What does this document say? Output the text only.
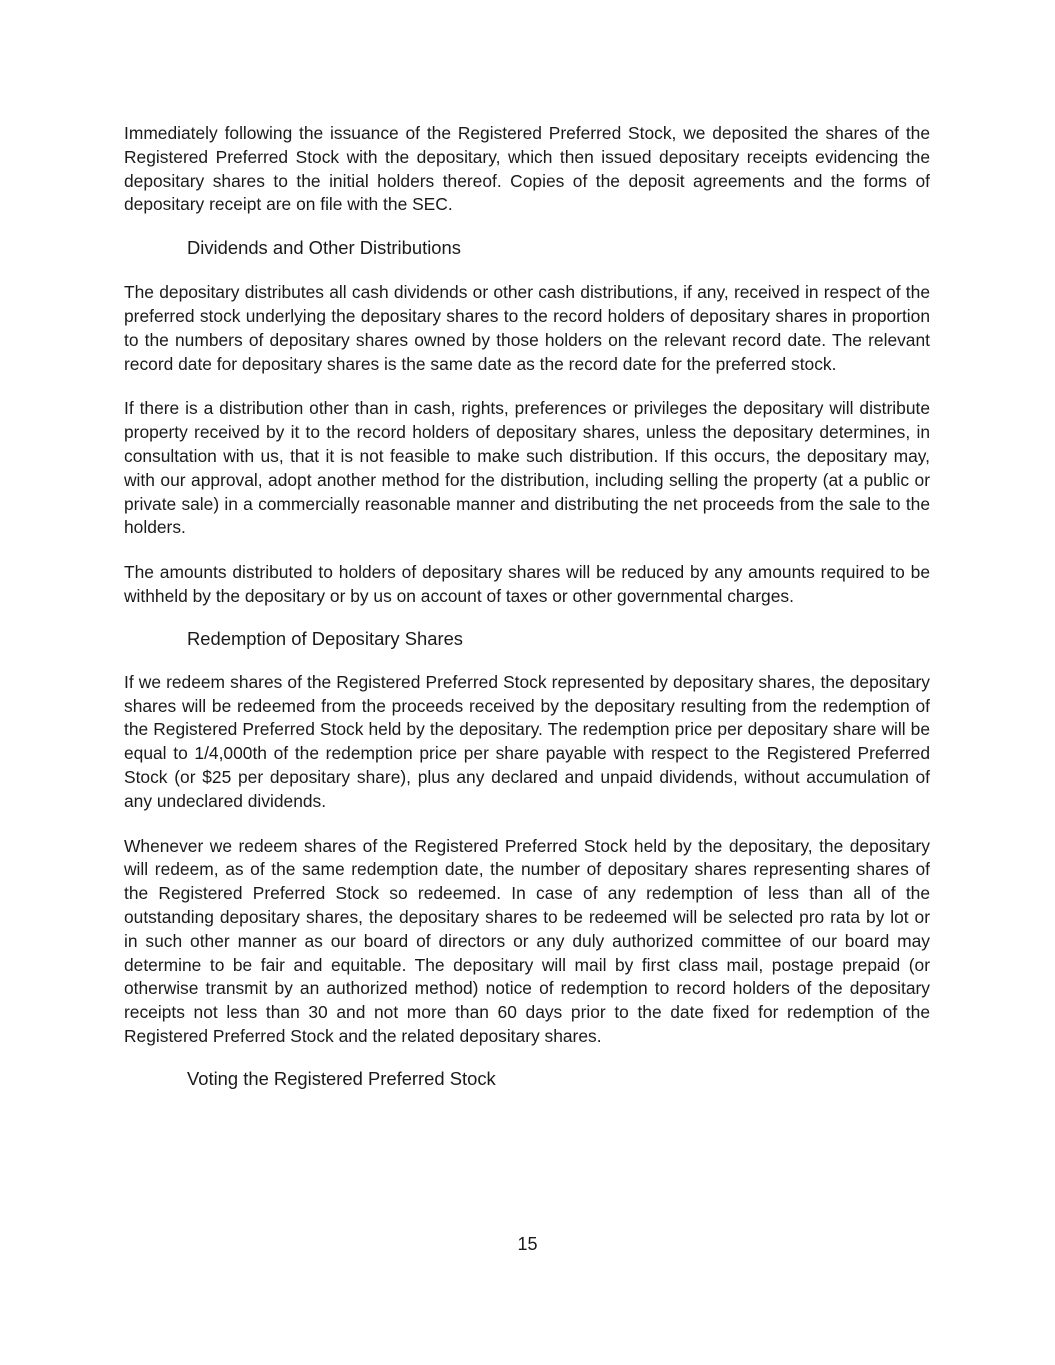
Immediately following the issuance of the Registered Preferred Stock, we deposited the shares of the Registered Preferred Stock with the depositary, which then issued depositary receipts evidencing the depositary shares to the initial holders thereof. Copies of the deposit agreements and the forms of depositary receipt are on file with the SEC.

Dividends and Other Distributions

The depositary distributes all cash dividends or other cash distributions, if any, received in respect of the preferred stock underlying the depositary shares to the record holders of depositary shares in proportion to the numbers of depositary shares owned by those holders on the relevant record date. The relevant record date for depositary shares is the same date as the record date for the preferred stock.

If there is a distribution other than in cash, rights, preferences or privileges the depositary will distribute property received by it to the record holders of depositary shares, unless the depositary determines, in consultation with us, that it is not feasible to make such distribution. If this occurs, the depositary may, with our approval, adopt another method for the distribution, including selling the property (at a public or private sale) in a commercially reasonable manner and distributing the net proceeds from the sale to the holders.

The amounts distributed to holders of depositary shares will be reduced by any amounts required to be withheld by the depositary or by us on account of taxes or other governmental charges.

Redemption of Depositary Shares

If we redeem shares of the Registered Preferred Stock represented by depositary shares, the depositary shares will be redeemed from the proceeds received by the depositary resulting from the redemption of the Registered Preferred Stock held by the depositary. The redemption price per depositary share will be equal to 1/4,000th of the redemption price per share payable with respect to the Registered Preferred Stock (or $25 per depositary share), plus any declared and unpaid dividends, without accumulation of any undeclared dividends.

Whenever we redeem shares of the Registered Preferred Stock held by the depositary, the depositary will redeem, as of the same redemption date, the number of depositary shares representing shares of the Registered Preferred Stock so redeemed. In case of any redemption of less than all of the outstanding depositary shares, the depositary shares to be redeemed will be selected pro rata by lot or in such other manner as our board of directors or any duly authorized committee of our board may determine to be fair and equitable. The depositary will mail by first class mail, postage prepaid (or otherwise transmit by an authorized method) notice of redemption to record holders of the depositary receipts not less than 30 and not more than 60 days prior to the date fixed for redemption of the Registered Preferred Stock and the related depositary shares.

Voting the Registered Preferred Stock

15
